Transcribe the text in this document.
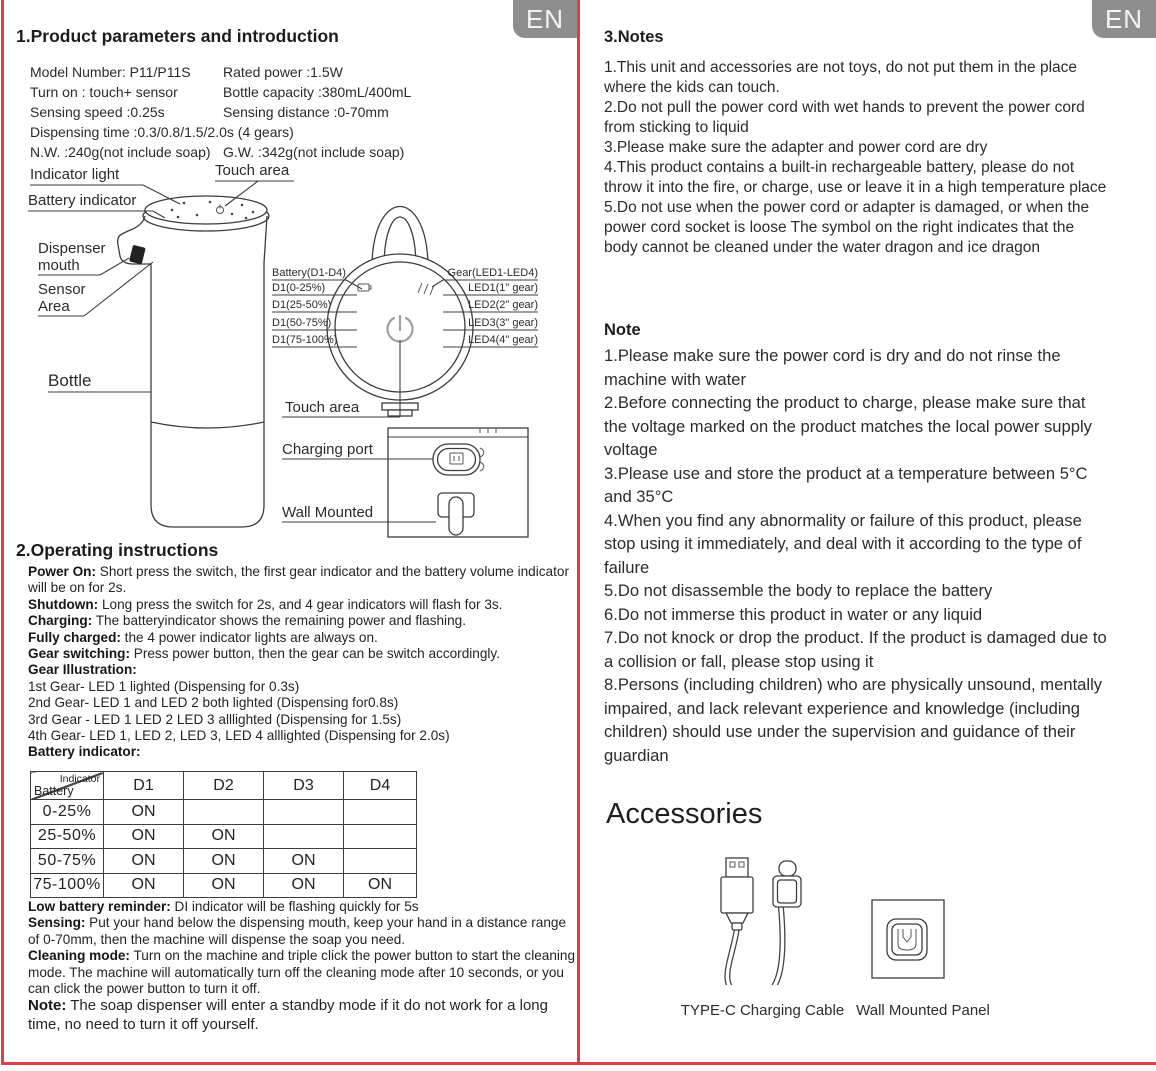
EN	EN
1.Product parameters and introduction
Model Number: P11/P11S	Rated power :1.5W
Turn on : touch+ sensor	Bottle capacity :380mL/400mL
Sensing speed :0.25s	Sensing distance :0-70mm
Dispensing time :0.3/0.8/1.5/2.0s (4 gears)
N.W. :240g(not include soap) G.W. :342g(not include soap)
Indicator light
Battery indicator
Touch area
Dispenser
mouth
Sensor
Area
Bottle
Battery(D1-D4)
D1(0-25%)
D1(25-50%)
D1(50-75%)
D1(75-100%)
Gear(LED1-LED4)
LED1(1" gear)
LED2(2" gear)
LED3(3" gear)
LED4(4" gear)
Touch area
Charging port
Wall Mounted
2.Operating instructions

Power On: Short press the switch, the first gear indicator and the battery volume indicator will be on for 2s.

Shutdown: Long press the switch for 2s, and 4 gear indicators will flash for 3s.

Charging: The batteryindicator shows the remaining power and flashing.

Fully charged: the 4 power indicator lights are always on.

Gear switching: Press power button, then the gear can be switch accordingly.

Gear Illustration:

1st Gear- LED 1 lighted (Dispensing for 0.3s)

2nd Gear- LED 1 and LED 2 both lighted (Dispensing for0.8s)

3rd Gear - LED 1 LED 2 LED 3 alllighted (Dispensing for 1.5s)

4th Gear- LED 1, LED 2, LED 3, LED 4 alllighted (Dispensing for 2.0s)

Battery indicator:

Indicator
Battery	D1	D2	D3	D4
0-25%	ON			
25-50%	ON	ON		
50-75%	ON	ON	ON	
75-100%	ON	ON	ON	ON

Low battery reminder: DI indicator will be flashing quickly for 5s

Sensing: Put your hand below the dispensing mouth, keep your hand in a distance range of 0-70mm, then the machine will dispense the soap you need.

Cleaning mode: Turn on the machine and triple click the power button to start the cleaning mode. The machine will automatically turn off the cleaning mode after 10 seconds, or you can click the power button to turn it off.

Note: The soap dispenser will enter a standby mode if it do not work for a long time, no need to turn it off yourself.

3.Notes

1.This unit and accessories are not toys, do not put them in the place where the kids can touch.

2.Do not pull the power cord with wet hands to prevent the power cord from sticking to liquid

3.Please make sure the adapter and power cord are dry

4.This product contains a built-in rechargeable battery, please do not throw it into the fire, or charge, use or leave it in a high temperature place

5.Do not use when the power cord or adapter is damaged, or when the power cord socket is loose The symbol on the right indicates that the body cannot be cleaned under the water dragon and ice dragon

Note

1.Please make sure the power cord is dry and do not rinse the machine with water

2.Before connecting the product to charge, please make sure that the voltage marked on the product matches the local power supply voltage

3.Please use and store the product at a temperature between 5°C and 35°C

4.When you find any abnormality or failure of this product, please stop using it immediately, and deal with it according to the type of failure

5.Do not disassemble the body to replace the battery

6.Do not immerse this product in water or any liquid

7.Do not knock or drop the product. If the product is damaged due to a collision or fall, please stop using it

8.Persons (including children) who are physically unsound, mentally impaired, and lack relevant experience and knowledge (including children) should use under the supervision and guidance of their guardian

Accessories
TYPE-C Charging Cable Wall Mounted Panel
